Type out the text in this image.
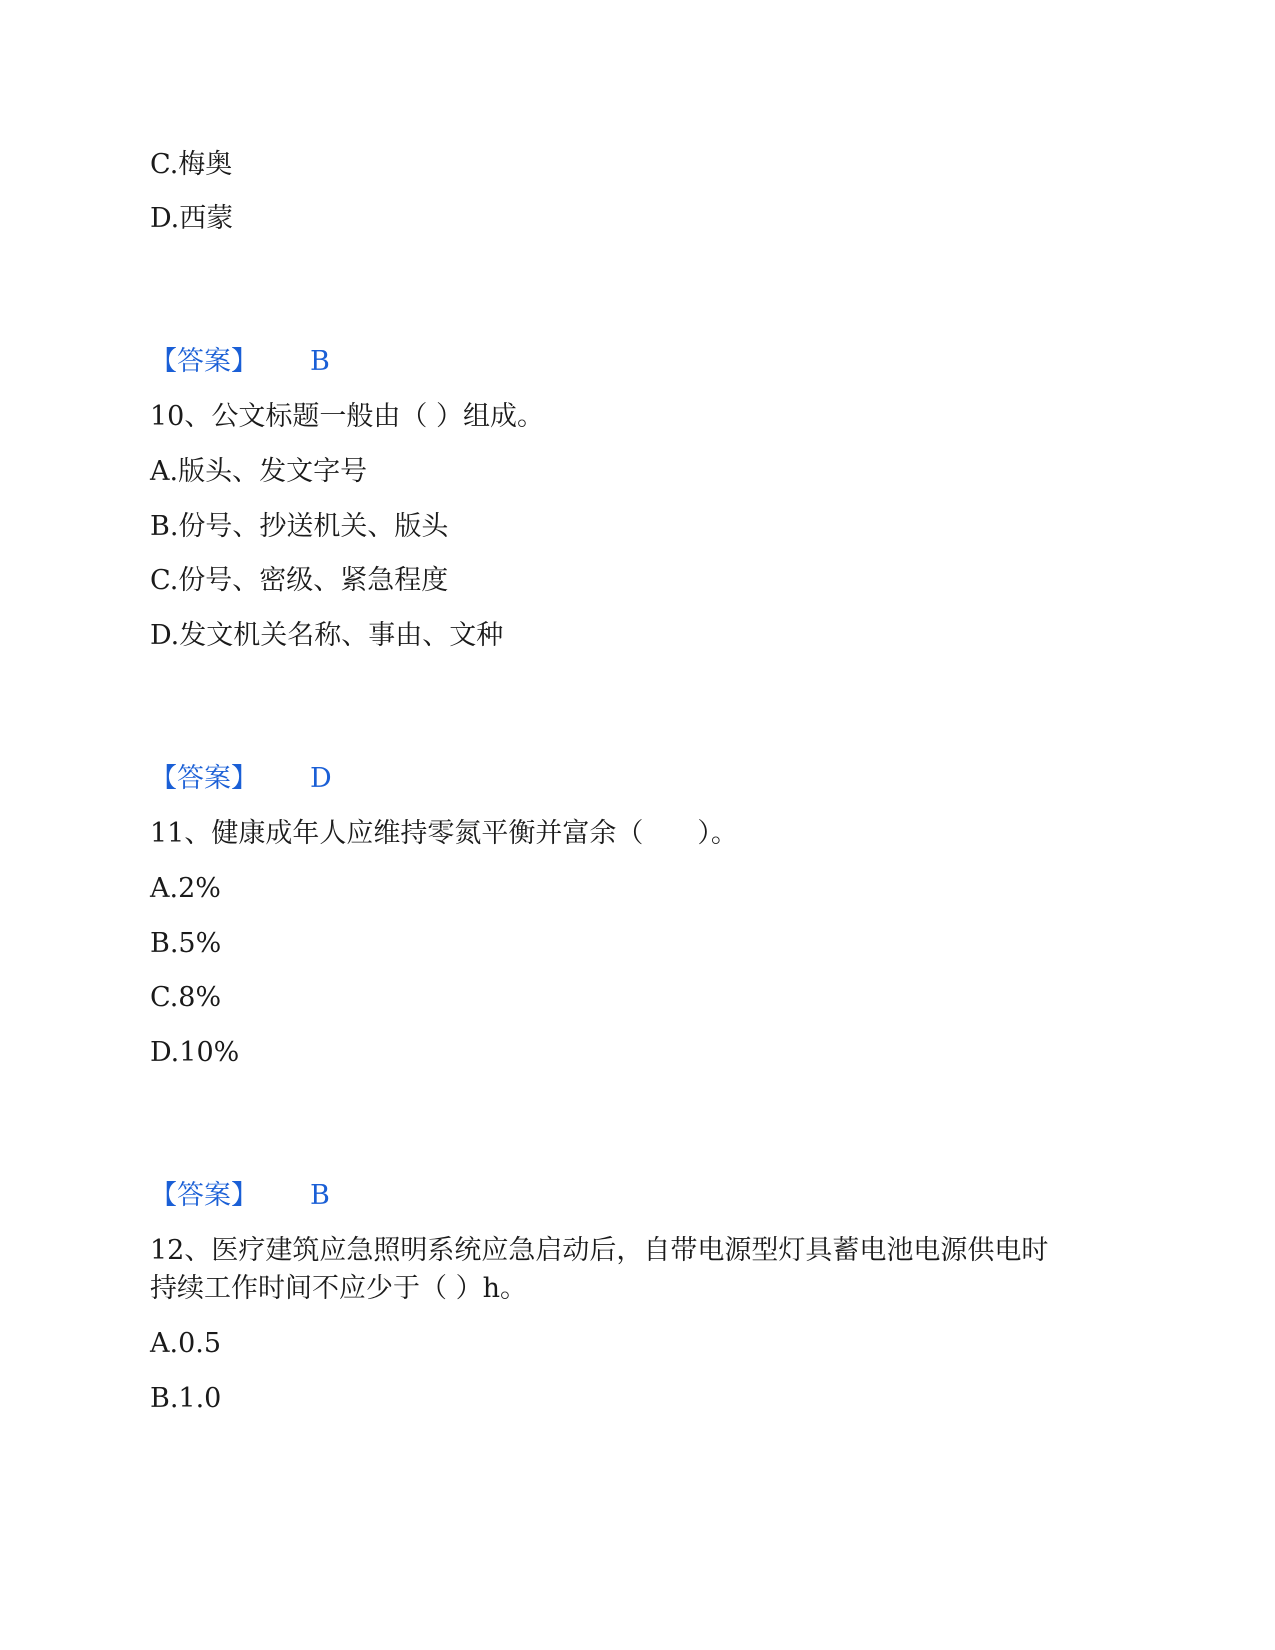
C.梅奥
D.西蒙
【答案】 B
10、公文标题一般由（ ）组成。
A.版头、发文字号
B.份号、抄送机关、版头
C.份号、密级、紧急程度
D.发文机关名称、事由、文种
【答案】 D
11、健康成年人应维持零氮平衡并富余（　　）。
A.2%
B.5%
C.8%
D.10%
【答案】 B
12、医疗建筑应急照明系统应急启动后，自带电源型灯具蓄电池电源供电时
持续工作时间不应少于（ ）h。
A.0.5
B.1.0
